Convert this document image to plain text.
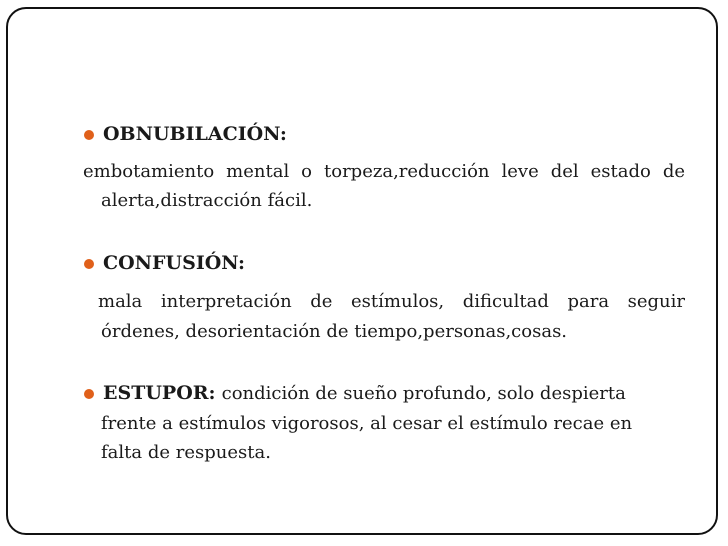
OBNUBILACIÓN:
embotamiento mental o torpeza,reducción leve del estado de
alerta,distracción fácil.
CONFUSIÓN:
mala interpretación de estímulos, dificultad para seguir
órdenes, desorientación de tiempo,personas,cosas.
ESTUPOR: condición de sueño profundo, solo despierta
frente a estímulos vigorosos, al cesar el estímulo recae en
falta de respuesta.
